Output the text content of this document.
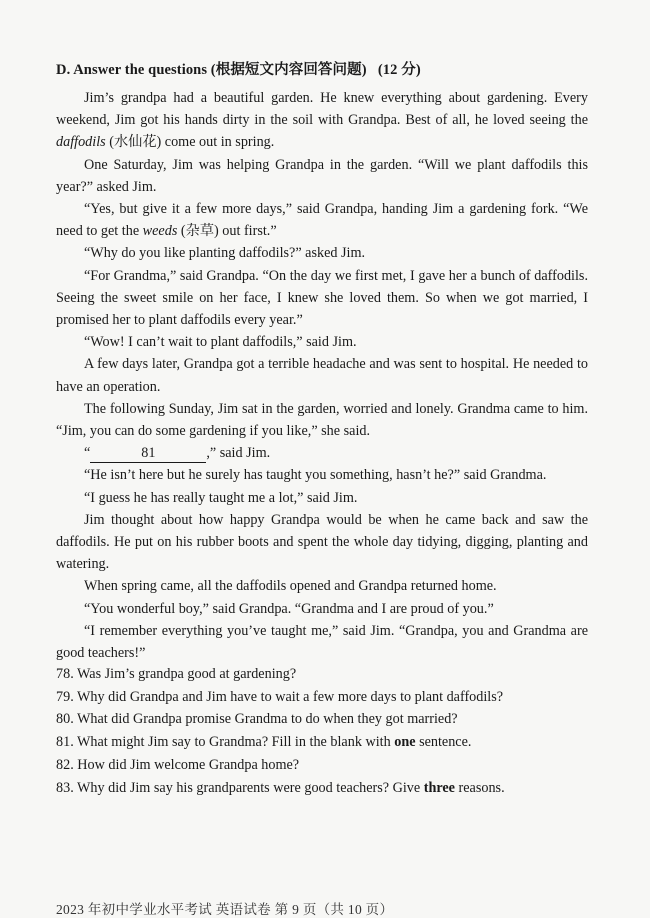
D. Answer the questions (根据短文内容回答问题) (12 分)

Jim’s grandpa had a beautiful garden. He knew everything about gardening. Every weekend, Jim got his hands dirty in the soil with Grandpa. Best of all, he loved seeing the daffodils (水仙花) come out in spring.

One Saturday, Jim was helping Grandpa in the garden. “Will we plant daffodils this year?” asked Jim.

“Yes, but give it a few more days,” said Grandpa, handing Jim a gardening fork. “We need to get the weeds (杂草) out first.”

“Why do you like planting daffodils?” asked Jim.

“For Grandma,” said Grandpa. “On the day we first met, I gave her a bunch of daffodils. Seeing the sweet smile on her face, I knew she loved them. So when we got married, I promised her to plant daffodils every year.”

“Wow! I can’t wait to plant daffodils,” said Jim.

A few days later, Grandpa got a terrible headache and was sent to hospital. He needed to have an operation.

The following Sunday, Jim sat in the garden, worried and lonely. Grandma came to him. “Jim, you can do some gardening if you like,” she said.

“	81	,” said Jim.

“He isn’t here but he surely has taught you something, hasn’t he?” said Grandma.

“I guess he has really taught me a lot,” said Jim.

Jim thought about how happy Grandpa would be when he came back and saw the daffodils. He put on his rubber boots and spent the whole day tidying, digging, planting and watering.

When spring came, all the daffodils opened and Grandpa returned home.

“You wonderful boy,” said Grandpa. “Grandma and I are proud of you.”

“I remember everything you’ve taught me,” said Jim. “Grandpa, you and Grandma are good teachers!”

78. Was Jim’s grandpa good at gardening?
79. Why did Grandpa and Jim have to wait a few more days to plant daffodils?
80. What did Grandpa promise Grandma to do when they got married?
81. What might Jim say to Grandma? Fill in the blank with one sentence.
82. How did Jim welcome Grandpa home?
83. Why did Jim say his grandparents were good teachers? Give three reasons.
2023 年初中学业水平考试 英语试卷 第 9 页（共 10 页）
